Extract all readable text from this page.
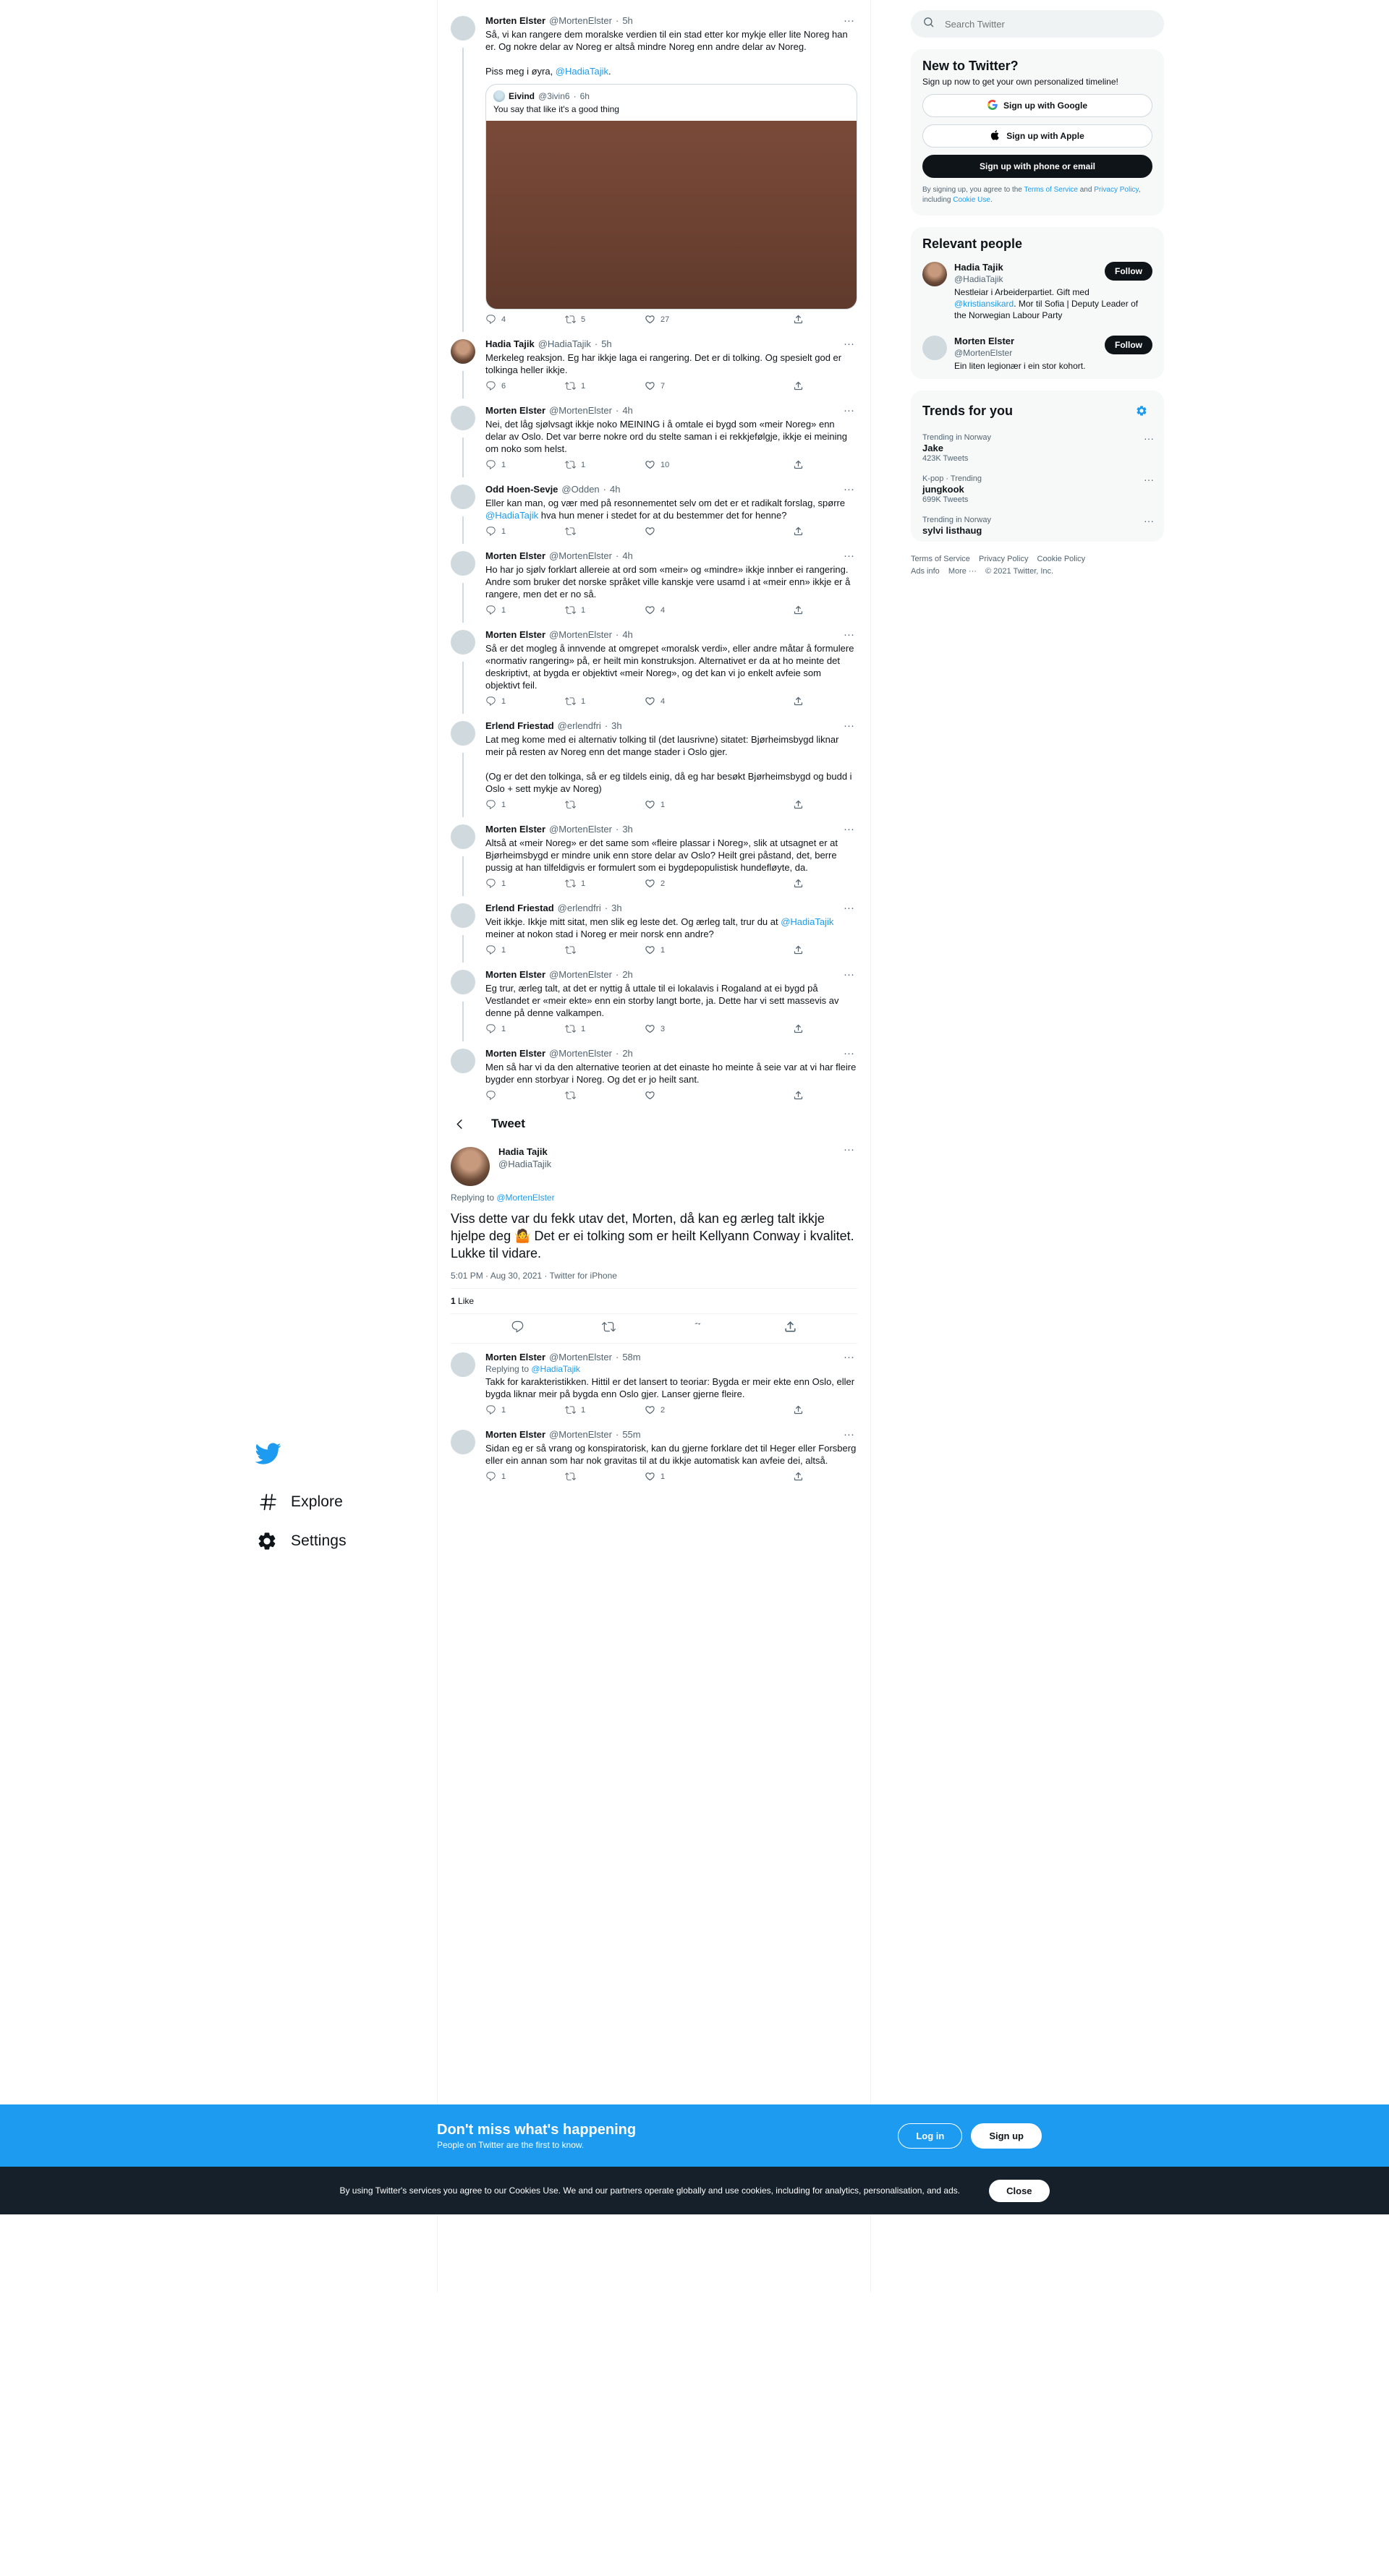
Morten Elster @MortenElster · 5h	···
Så, vi kan rangere dem moralske verdien til ein stad etter kor mykje eller lite Noreg han er. Og nokre delar av Noreg er altså mindre Noreg enn andre delar av Noreg.

Piss meg i øyra, @HadiaTajik.
Eivind @3ivin6 · 6h
You say that like it's a good thing
4	5	27
Hadia Tajik @HadiaTajik · 5h	···
Merkeleg reaksjon. Eg har ikkje laga ei rangering. Det er di tolking. Og spesielt god er tolkinga heller ikkje.
6	1	7
Morten Elster @MortenElster · 4h	···
Nei, det låg sjølvsagt ikkje noko MEINING i å omtale ei bygd som «meir Noreg» enn delar av Oslo. Det var berre nokre ord du stelte saman i ei rekkjefølgje, ikkje ei meining om noko som helst.
1	1	10
Odd Hoen-Sevje @Odden · 4h	···
Eller kan man, og vær med på resonnementet selv om det er et radikalt forslag, spørre @HadiaTajik hva hun mener i stedet for at du bestemmer det for henne?
1
Morten Elster @MortenElster · 4h	···
Ho har jo sjølv forklart allereie at ord som «meir» og «mindre» ikkje innber ei rangering. Andre som bruker det norske språket ville kanskje vere usamd i at «meir enn» ikkje er å rangere, men det er no så.
1	1	4
Morten Elster @MortenElster · 4h	···
Så er det mogleg å innvende at omgrepet «moralsk verdi», eller andre måtar å formulere «normativ rangering» på, er heilt min konstruksjon. Alternativet er da at ho meinte det deskriptivt, at bygda er objektivt «meir Noreg», og det kan vi jo enkelt avfeie som objektivt feil.
1	1	4
Erlend Friestad @erlendfri · 3h	···
Lat meg kome med ei alternativ tolking til (det lausrivne) sitatet: Bjørheimsbygd liknar meir på resten av Noreg enn det mange stader i Oslo gjer.

(Og er det den tolkinga, så er eg tildels einig, då eg har besøkt Bjørheimsbygd og budd i Oslo + sett mykje av Noreg)
1	1
Morten Elster @MortenElster · 3h	···
Altså at «meir Noreg» er det same som «fleire plassar i Noreg», slik at utsagnet er at Bjørheimsbygd er mindre unik enn store delar av Oslo? Heilt grei påstand, det, berre pussig at han tilfeldigvis er formulert som ei bygdepopulistisk hundefløyte, da.
1	1	2
Erlend Friestad @erlendfri · 3h	···
Veit ikkje. Ikkje mitt sitat, men slik eg leste det. Og ærleg talt, trur du at @HadiaTajik meiner at nokon stad i Noreg er meir norsk enn andre?
1	1
Morten Elster @MortenElster · 2h	···
Eg trur, ærleg talt, at det er nyttig å uttale til ei lokalavis i Rogaland at ei bygd på Vestlandet er «meir ekte» enn ein storby langt borte, ja. Dette har vi sett massevis av denne på denne valkampen.
1	1	3
Morten Elster @MortenElster · 2h	···
Men så har vi da den alternative teorien at det einaste ho meinte å seie var at vi har fleire bygder enn storbyar i Noreg. Og det er jo heilt sant.
Tweet
Hadia Tajik
@HadiaTajik
···
Replying to @MortenElster
Viss dette var du fekk utav det, Morten, då kan eg ærleg talt ikkje hjelpe deg 🤷 Det er ei tolking som er heilt Kellyann Conway i kvalitet. Lukke til vidare.
5:01 PM · Aug 30, 2021 · Twitter for iPhone
1 Like
Morten Elster @MortenElster · 58m	···
Replying to @HadiaTajik
Takk for karakteristikken. Hittil er det lansert to teoriar: Bygda er meir ekte enn Oslo, eller bygda liknar meir på bygda enn Oslo gjer. Lanser gjerne fleire.
1	1	2
Morten Elster @MortenElster · 55m	···
Sidan eg er så vrang og konspiratorisk, kan du gjerne forklare det til Heger eller Forsberg eller ein annan som har nok gravitas til at du ikkje automatisk kan avfeie dei, altså.
1	1
Search Twitter
New to Twitter?
Sign up now to get your own personalized timeline!
Sign up with Google
Sign up with Apple
Sign up with phone or email
By signing up, you agree to the Terms of Service and Privacy Policy, including Cookie Use.
Relevant people
Hadia Tajik
@HadiaTajik
Follow
Nestleiar i Arbeiderpartiet. Gift med @kristiansikard. Mor til Sofia | Deputy Leader of the Norwegian Labour Party
Morten Elster
@MortenElster
Follow
Ein liten legionær i ein stor kohort.
Trends for you
···
Trending in Norway
Jake
423K Tweets
···
K-pop · Trending
jungkook
699K Tweets
···
Trending in Norway
sylvi listhaug
Terms of Service Privacy Policy Cookie Policy
Ads info More ··· © 2021 Twitter, Inc.
Explore
Settings
Don't miss what's happening
People on Twitter are the first to know.
Log in	Sign up
By using Twitter's services you agree to our Cookies Use. We and our partners operate globally and use cookies, including for analytics, personalisation, and ads.	Close
